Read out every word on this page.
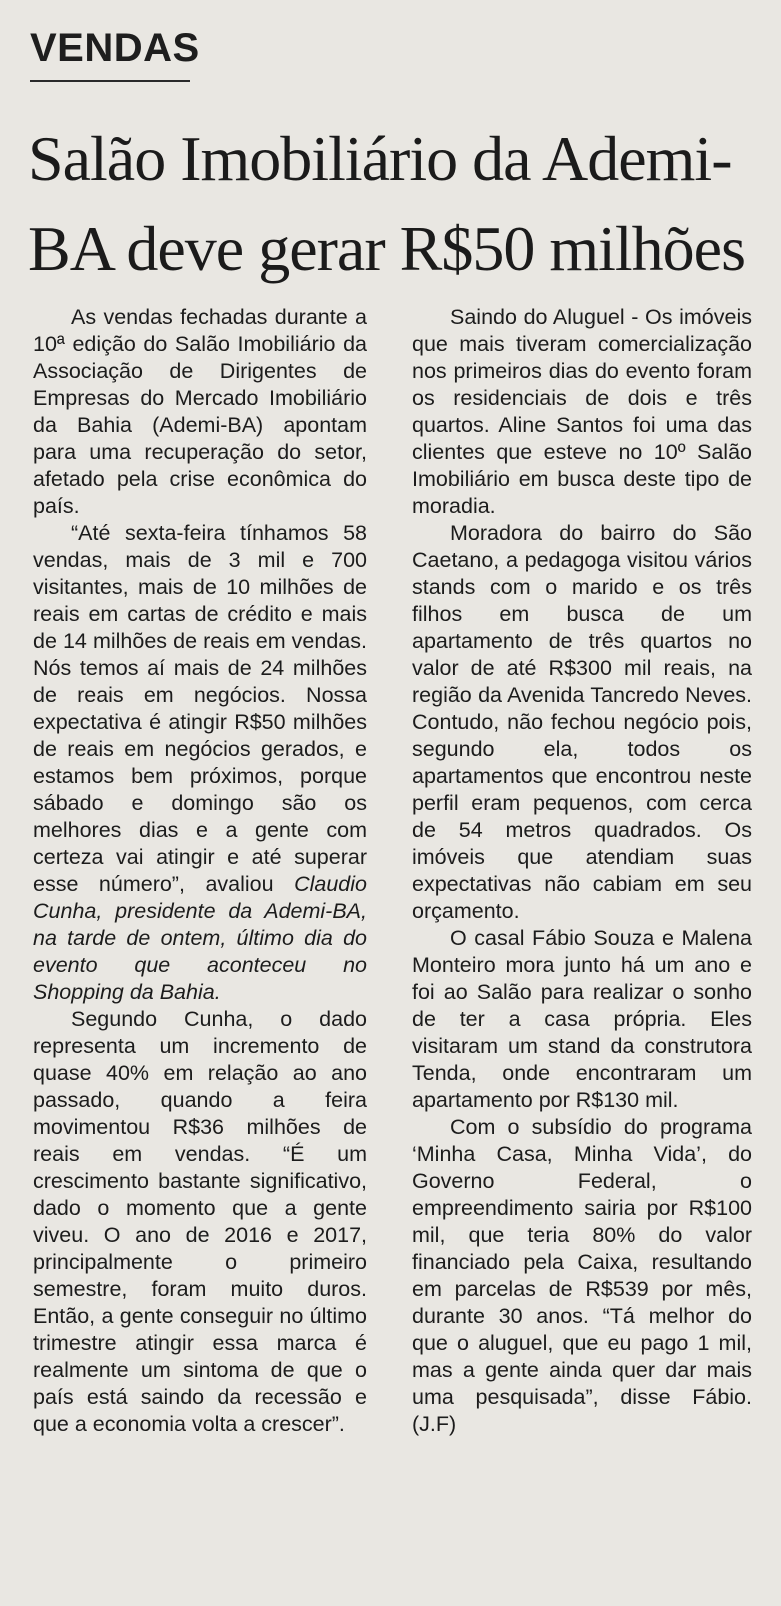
VENDAS
Salão Imobiliário da Ademi-BA deve gerar R$50 milhões

As vendas fechadas durante a 10ª edição do Salão Imobiliário da Associação de Dirigentes de Empresas do Mercado Imobiliário da Bahia (Ademi-BA) apontam para uma recuperação do setor, afetado pela crise econômica do país.

“Até sexta-feira tínhamos 58 vendas, mais de 3 mil e 700 visitantes, mais de 10 milhões de reais em cartas de crédito e mais de 14 milhões de reais em vendas. Nós temos aí mais de 24 milhões de reais em negócios. Nossa expectativa é atingir R$50 milhões de reais em negócios gerados, e estamos bem próximos, porque sábado e domingo são os melhores dias e a gente com certeza vai atingir e até superar esse número”, avaliou Claudio Cunha, presidente da Ademi-BA, na tarde de ontem, último dia do evento que aconteceu no Shopping da Bahia.

Segundo Cunha, o dado representa um incremento de quase 40% em relação ao ano passado, quando a feira movimentou R$36 milhões de reais em vendas. “É um crescimento bastante significativo, dado o momento que a gente viveu. O ano de 2016 e 2017, principalmente o primeiro semestre, foram muito duros. Então, a gente conseguir no último trimestre atingir essa marca é realmente um sintoma de que o país está saindo da recessão e que a economia volta a crescer”.

Saindo do Aluguel - Os imóveis que mais tiveram comercialização nos primeiros dias do evento foram os residenciais de dois e três quartos. Aline Santos foi uma das clientes que esteve no 10º Salão Imobiliário em busca deste tipo de moradia.

Moradora do bairro do São Caetano, a pedagoga visitou vários stands com o marido e os três filhos em busca de um apartamento de três quartos no valor de até R$300 mil reais, na região da Avenida Tancredo Neves. Contudo, não fechou negócio pois, segundo ela, todos os apartamentos que encontrou neste perfil eram pequenos, com cerca de 54 metros quadrados. Os imóveis que atendiam suas expectativas não cabiam em seu orçamento.

O casal Fábio Souza e Malena Monteiro mora junto há um ano e foi ao Salão para realizar o sonho de ter a casa própria. Eles visitaram um stand da construtora Tenda, onde encontraram um apartamento por R$130 mil.

Com o subsídio do programa ‘Minha Casa, Minha Vida’, do Governo Federal, o empreendimento sairia por R$100 mil, que teria 80% do valor financiado pela Caixa, resultando em parcelas de R$539 por mês, durante 30 anos. “Tá melhor do que o aluguel, que eu pago 1 mil, mas a gente ainda quer dar mais uma pesquisada”, disse Fábio. (J.F)
